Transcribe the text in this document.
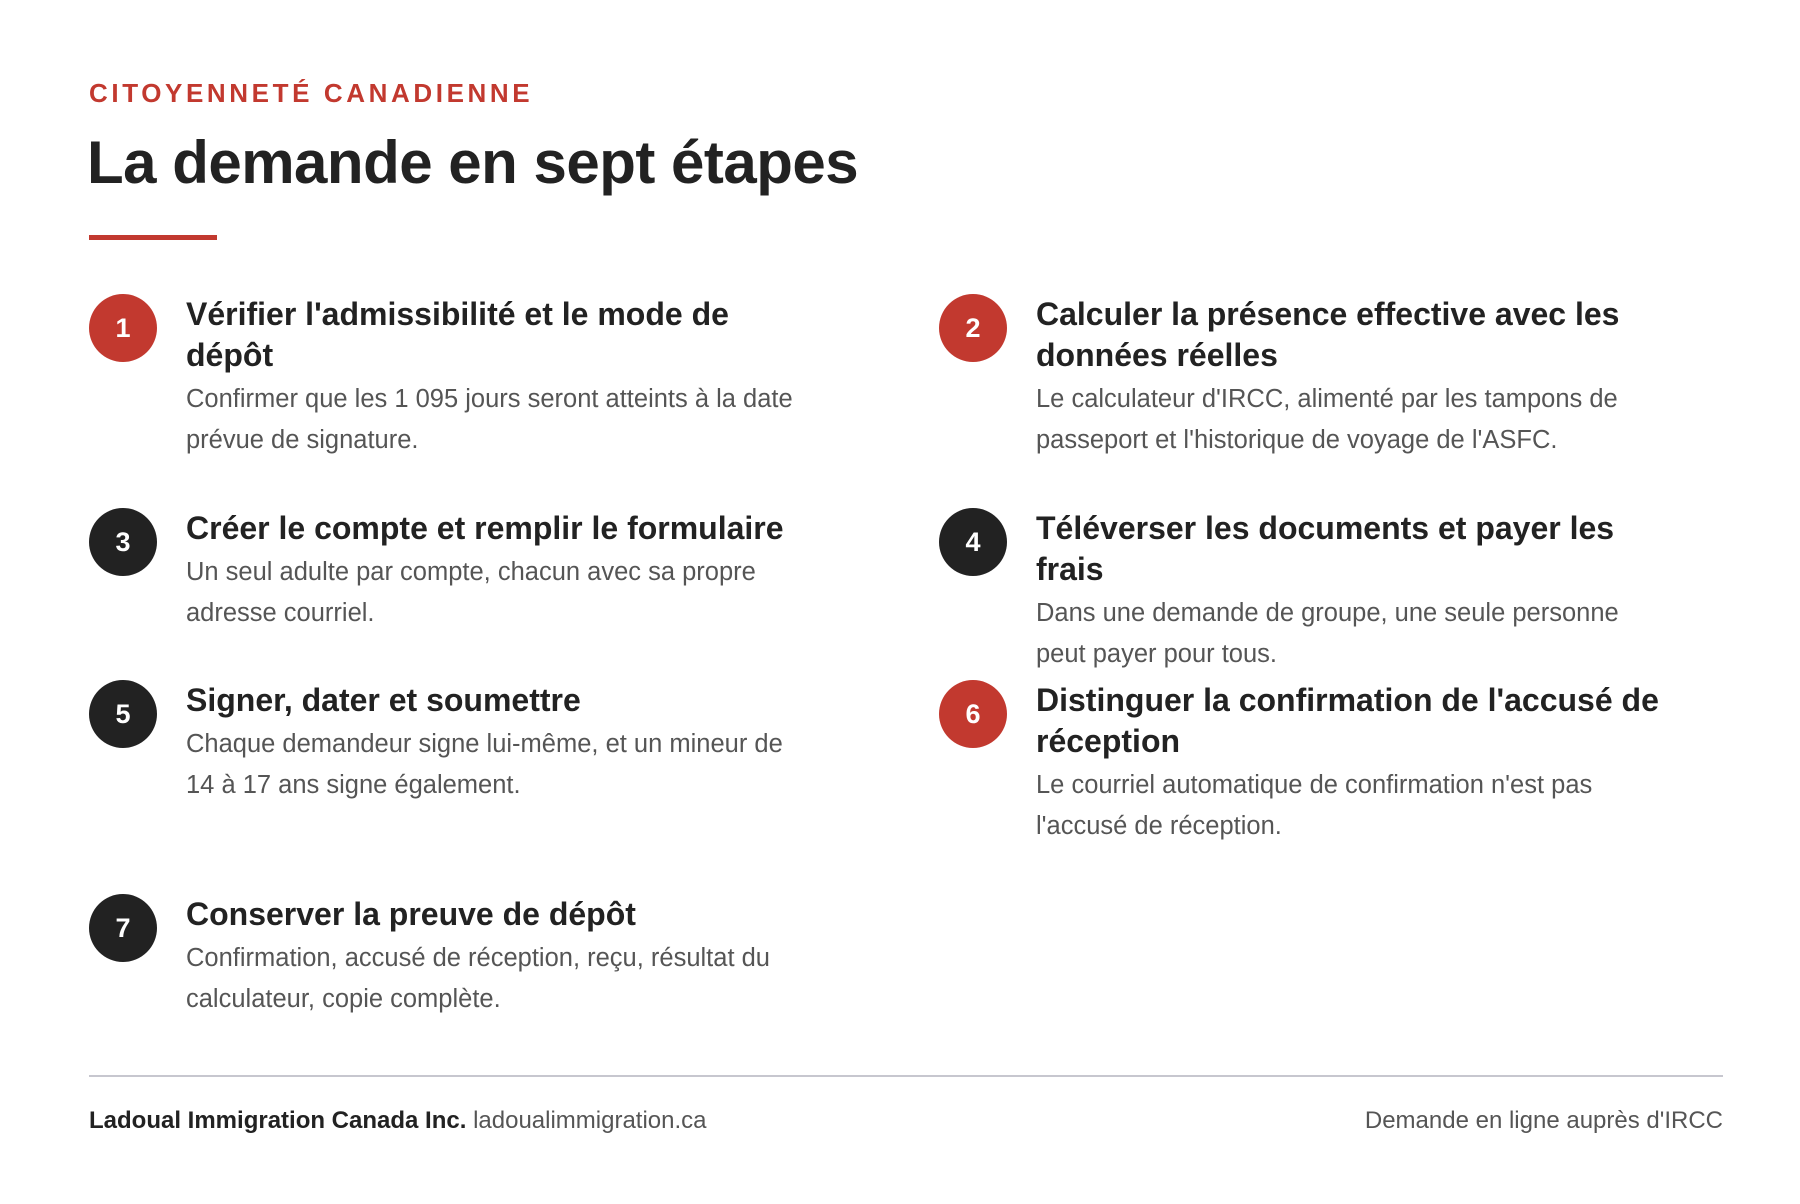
CITOYENNETÉ CANADIENNE
La demande en sept étapes
1	Vérifier l'admissibilité et le mode de dépôt

Confirmer que les 1 095 jours seront atteints à la date prévue de signature.

2	Calculer la présence effective avec les données réelles

Le calculateur d'IRCC, alimenté par les tampons de passeport et l'historique de voyage de l'ASFC.

3	Créer le compte et remplir le formulaire

Un seul adulte par compte, chacun avec sa propre adresse courriel.

4	Téléverser les documents et payer les frais

Dans une demande de groupe, une seule personne peut payer pour tous.

5	Signer, dater et soumettre

Chaque demandeur signe lui-même, et un mineur de 14 à 17 ans signe également.

6	Distinguer la confirmation de l'accusé de réception

Le courriel automatique de confirmation n'est pas l'accusé de réception.

7	Conserver la preuve de dépôt

Confirmation, accusé de réception, reçu, résultat du calculateur, copie complète.

Ladoual Immigration Canada Inc. ladoualimmigration.ca	Demande en ligne auprès d'IRCC
